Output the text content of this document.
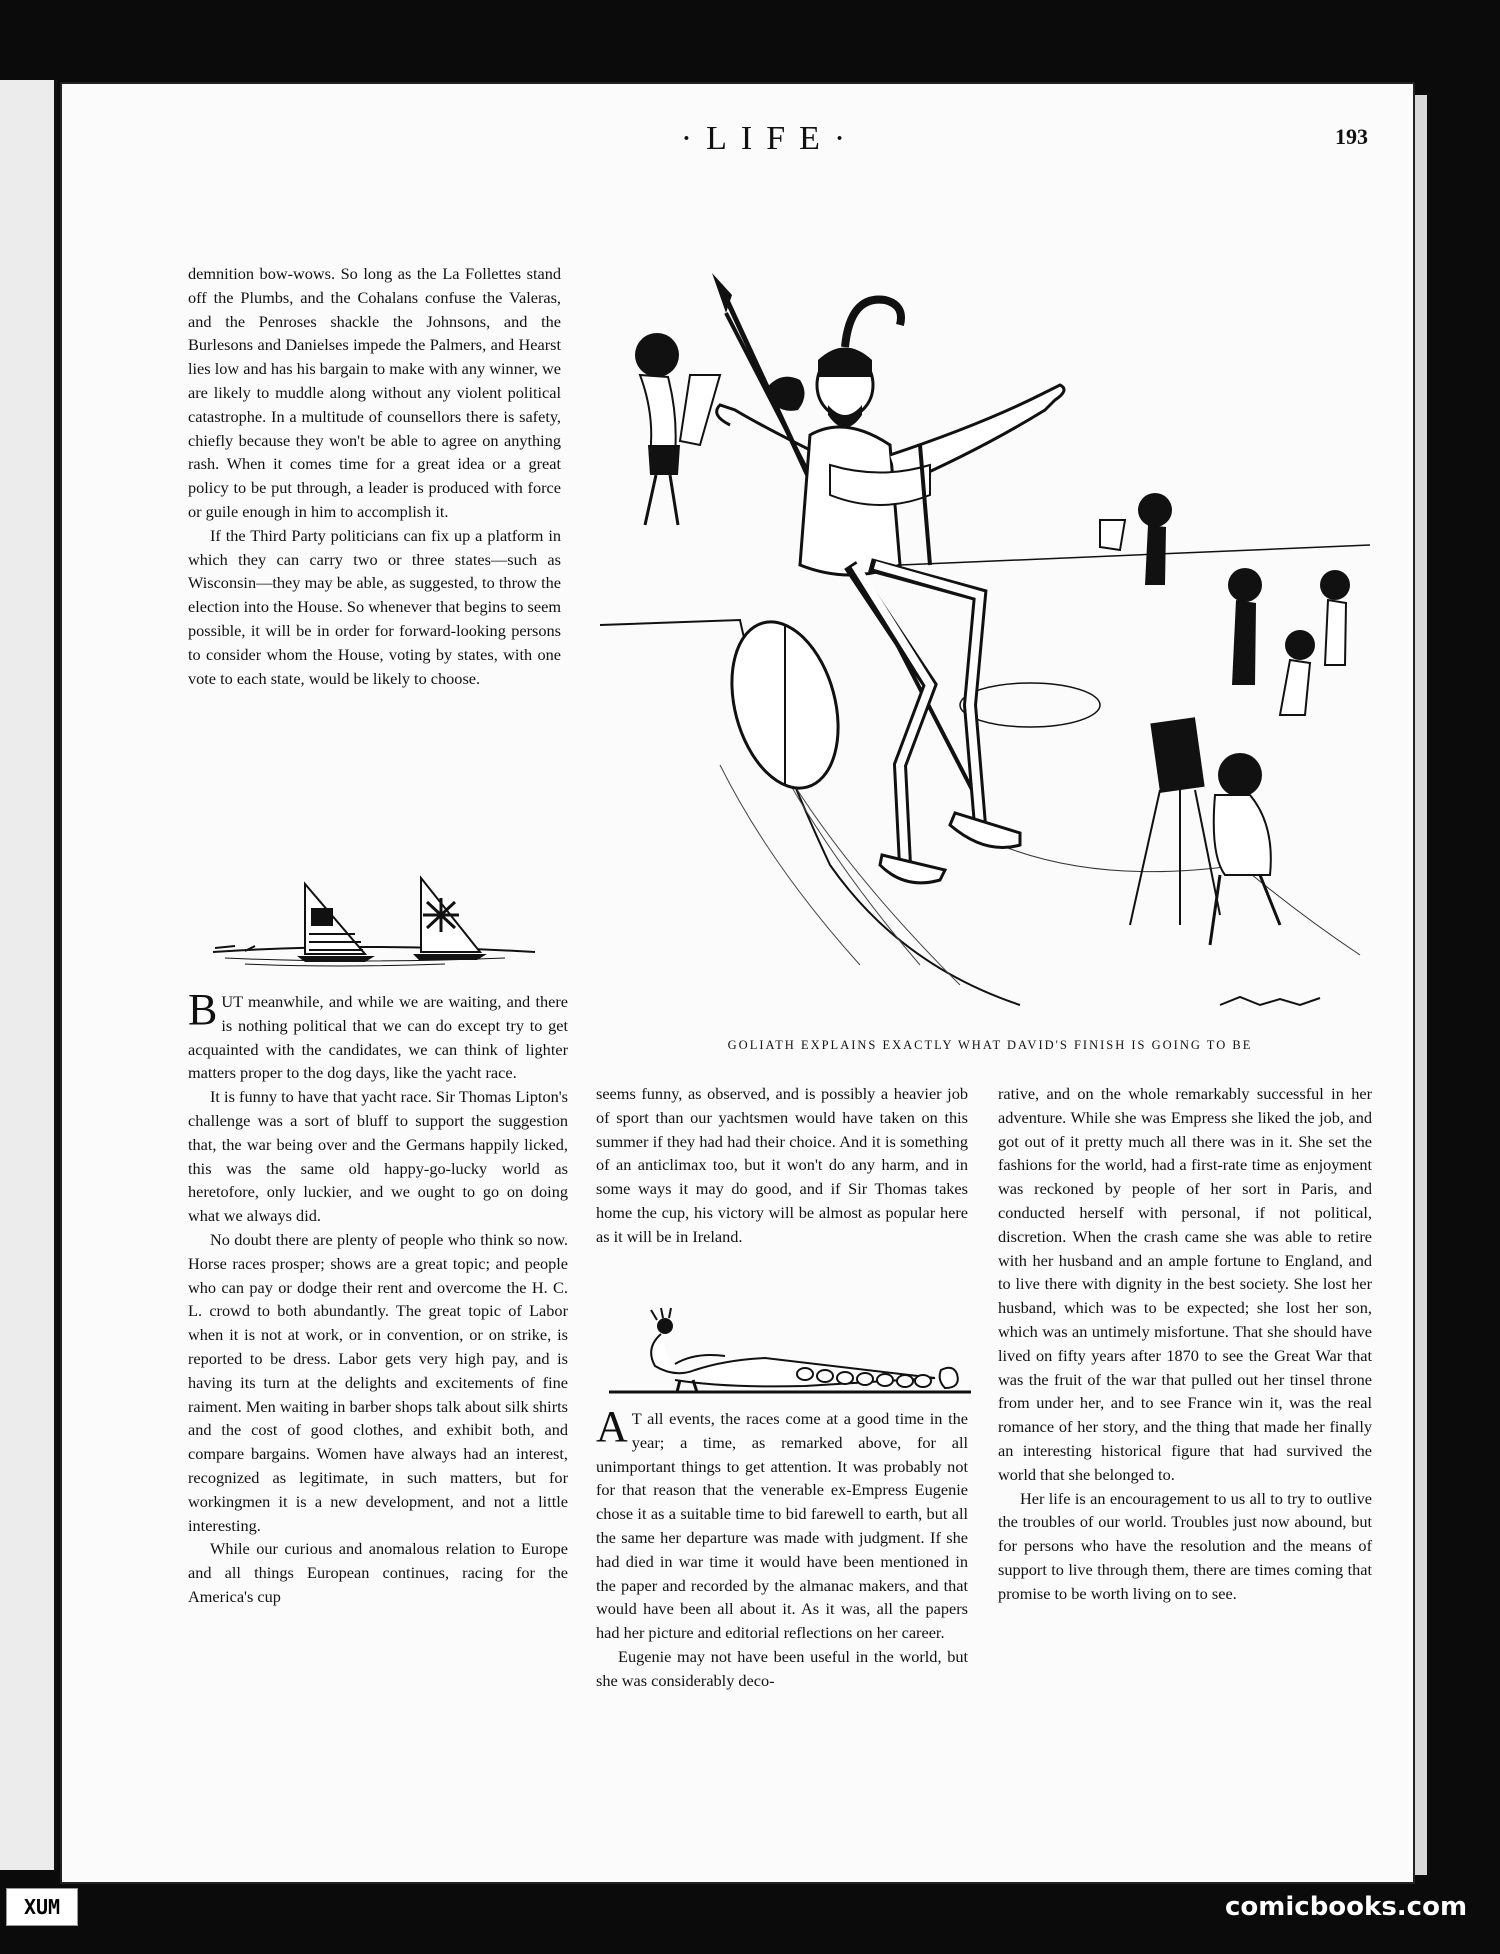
·LIFE·	193

demnition bow-wows. So long as the La Follettes stand off the Plumbs, and the Cohalans confuse the Valeras, and the Penroses shackle the Johnsons, and the Burlesons and Danielses impede the Palmers, and Hearst lies low and has his bargain to make with any winner, we are likely to muddle along without any violent political catastrophe. In a multitude of counsellors there is safety, chiefly because they won't be able to agree on anything rash. When it comes time for a great idea or a great policy to be put through, a leader is produced with force or guile enough in him to accomplish it.

If the Third Party politicians can fix up a platform in which they can carry two or three states—such as Wisconsin—they may be able, as suggested, to throw the election into the House. So whenever that begins to seem possible, it will be in order for forward-looking persons to consider whom the House, voting by states, with one vote to each state, would be likely to choose.

BUT meanwhile, and while we are waiting, and there is nothing political that we can do except try to get acquainted with the candidates, we can think of lighter matters proper to the dog days, like the yacht race.

It is funny to have that yacht race. Sir Thomas Lipton's challenge was a sort of bluff to support the suggestion that, the war being over and the Germans happily licked, this was the same old happy-go-lucky world as heretofore, only luckier, and we ought to go on doing what we always did.

No doubt there are plenty of people who think so now. Horse races prosper; shows are a great topic; and people who can pay or dodge their rent and overcome the H. C. L. crowd to both abundantly. The great topic of Labor when it is not at work, or in convention, or on strike, is reported to be dress. Labor gets very high pay, and is having its turn at the delights and excitements of fine raiment. Men waiting in barber shops talk about silk shirts and the cost of good clothes, and exhibit both, and compare bargains. Women have always had an interest, recognized as legitimate, in such matters, but for workingmen it is a new development, and not a little interesting.

While our curious and anomalous relation to Europe and all things European continues, racing for the America's cup

GOLIATH EXPLAINS EXACTLY WHAT DAVID'S FINISH IS GOING TO BE

seems funny, as observed, and is possibly a heavier job of sport than our yachtsmen would have taken on this summer if they had had their choice. And it is something of an anticlimax too, but it won't do any harm, and in some ways it may do good, and if Sir Thomas takes home the cup, his victory will be almost as popular here as it will be in Ireland.

A T all events, the races come at a good time in the year; a time, as remarked above, for all unimportant things to get attention. It was probably not for that reason that the venerable ex-Empress Eugenie chose it as a suitable time to bid farewell to earth, but all the same her departure was made with judgment. If she had died in war time it would have been mentioned in the paper and recorded by the almanac makers, and that would have been all about it. As it was, all the papers had her picture and editorial reflections on her career.

Eugenie may not have been useful in the world, but she was considerably deco-

rative, and on the whole remarkably successful in her adventure. While she was Empress she liked the job, and got out of it pretty much all there was in it. She set the fashions for the world, had a first-rate time as enjoyment was reckoned by people of her sort in Paris, and conducted herself with personal, if not political, discretion. When the crash came she was able to retire with her husband and an ample fortune to England, and to live there with dignity in the best society. She lost her husband, which was to be expected; she lost her son, which was an untimely misfortune. That she should have lived on fifty years after 1870 to see the Great War that was the fruit of the war that pulled out her tinsel throne from under her, and to see France win it, was the real romance of her story, and the thing that made her finally an interesting historical figure that had survived the world that she belonged to.

Her life is an encouragement to us all to try to outlive the troubles of our world. Troubles just now abound, but for persons who have the resolution and the means of support to live through them, there are times coming that promise to be worth living on to see.

XUM	comicbooks.com
